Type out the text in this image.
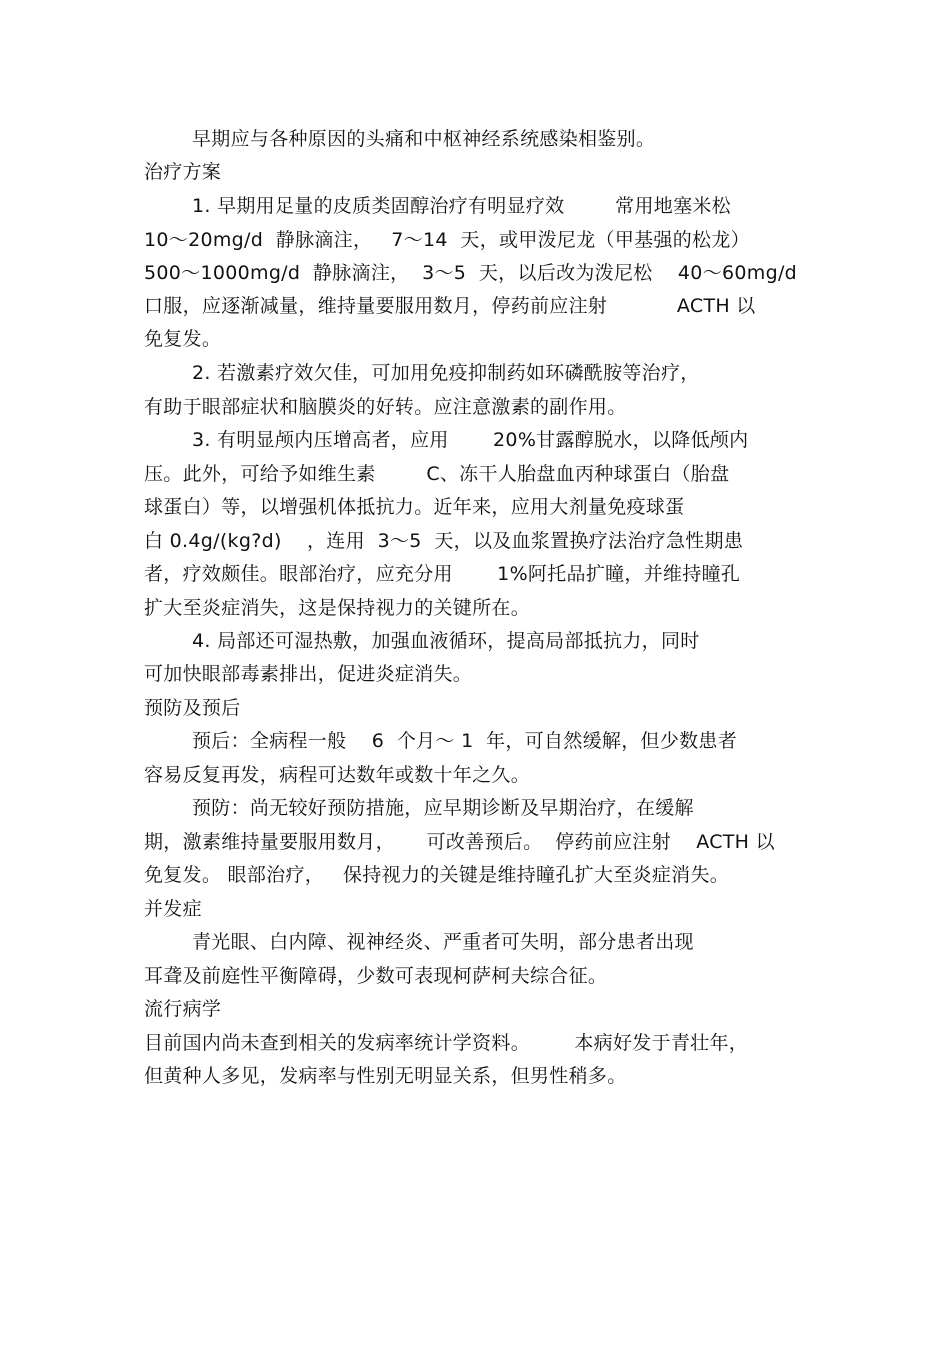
早期应与各种原因的头痛和中枢神经系统感染相鉴别。
治疗方案
1. 早期用足量的皮质类固醇治疗有明显疗效        常用地塞米松
10～20mg/d  静脉滴注，   7～14  天，或甲泼尼龙（甲基强的松龙）
500～1000mg/d  静脉滴注，  3～5  天，以后改为泼尼松    40～60mg/d
口服，应逐渐减量，维持量要服用数月，停药前应注射           ACTH 以
免复发。
2. 若激素疗效欠佳，可加用免疫抑制药如环磷酰胺等治疗，
有助于眼部症状和脑膜炎的好转。应注意激素的副作用。
3. 有明显颅内压增高者，应用       20%甘露醇脱水，以降低颅内
压。此外，可给予如维生素        C、冻干人胎盘血丙种球蛋白（胎盘
球蛋白）等，以增强机体抵抗力。近年来，应用大剂量免疫球蛋
白 0.4g/(kg?d)    ，连用  3～5  天，以及血浆置换疗法治疗急性期患
者，疗效颇佳。眼部治疗，应充分用       1%阿托品扩瞳，并维持瞳孔
扩大至炎症消失，这是保持视力的关键所在。
4. 局部还可湿热敷，加强血液循环，提高局部抵抗力，同时
可加快眼部毒素排出，促进炎症消失。
预防及预后
预后：全病程一般    6  个月～ 1  年，可自然缓解，但少数患者
容易反复再发，病程可达数年或数十年之久。
预防：尚无较好预防措施，应早期诊断及早期治疗，在缓解
期，激素维持量要服用数月，     可改善预后。  停药前应注射    ACTH 以
免复发。 眼部治疗，   保持视力的关键是维持瞳孔扩大至炎症消失。
并发症
青光眼、白内障、视神经炎、严重者可失明，部分患者出现
耳聋及前庭性平衡障碍，少数可表现柯萨柯夫综合征。
流行病学
目前国内尚未查到相关的发病率统计学资料。       本病好发于青壮年，
但黄种人多见，发病率与性别无明显关系，但男性稍多。
